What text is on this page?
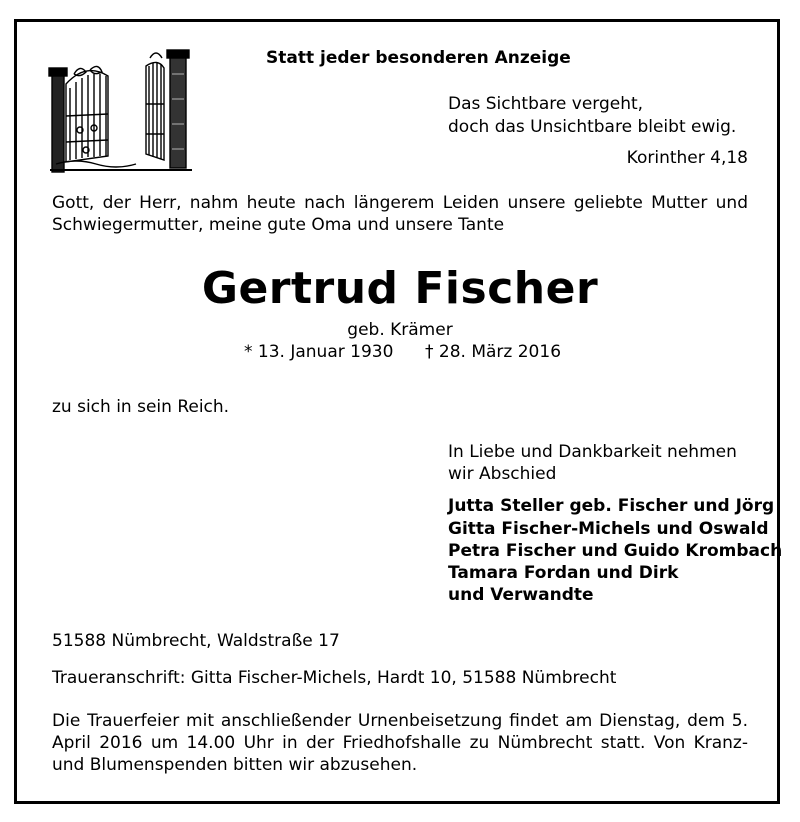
Statt jeder besonderen Anzeige
Das Sichtbare vergeht,
doch das Unsichtbare bleibt ewig.
Korinther 4,18
Gott, der Herr, nahm heute nach längerem Leiden unsere geliebte Mutter und Schwiegermutter, meine gute Oma und unsere Tante
Gertrud Fischer
geb. Krämer
* 13. Januar 1930 † 28. März 2016
zu sich in sein Reich.
In Liebe und Dankbarkeit nehmen
wir Abschied
Jutta Steller geb. Fischer und Jörg
Gitta Fischer-Michels und Oswald
Petra Fischer und Guido Krombach
Tamara Fordan und Dirk
und Verwandte
51588 Nümbrecht, Waldstraße 17
Traueranschrift: Gitta Fischer-Michels, Hardt 10, 51588 Nümbrecht
Die Trauerfeier mit anschließender Urnenbeisetzung findet am Dienstag, dem 5. April 2016 um 14.00 Uhr in der Friedhofshalle zu Nümbrecht statt. Von Kranz- und Blumenspenden bitten wir abzusehen.
